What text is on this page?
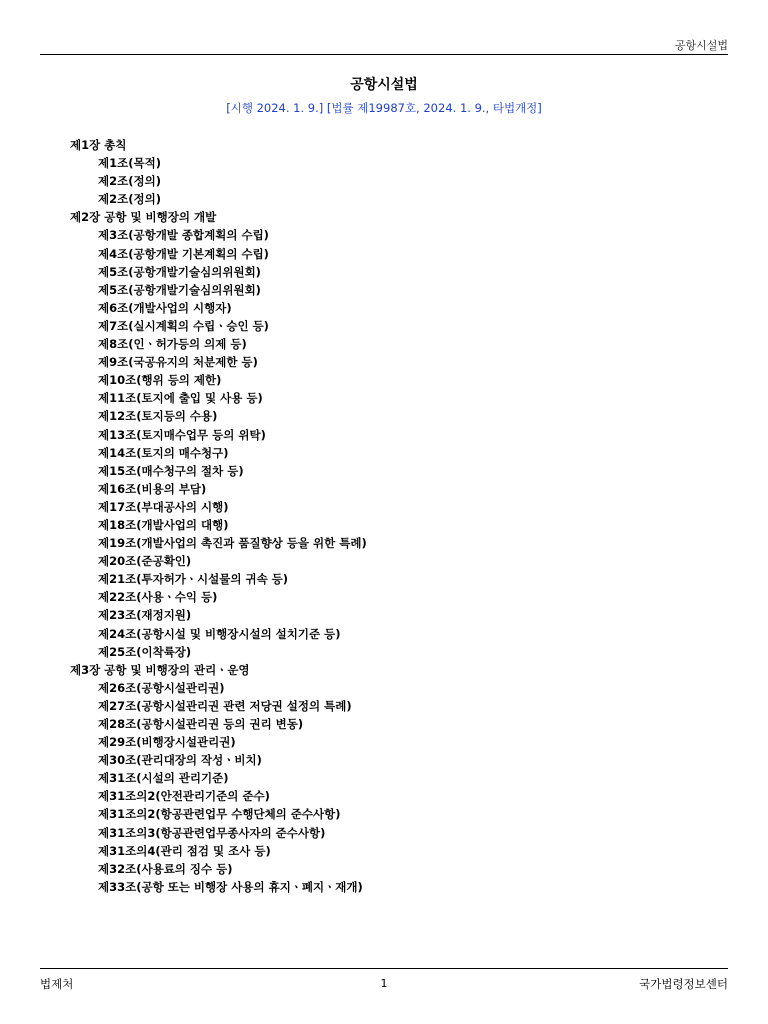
공항시설법
공항시설법
[시행 2024. 1. 9.] [법률 제19987호, 2024. 1. 9., 타법개정]
제1장 총칙
제1조(목적)
제2조(정의)
제2조(정의)
제2장 공항 및 비행장의 개발
제3조(공항개발 종합계획의 수립)
제4조(공항개발 기본계획의 수립)
제5조(공항개발기술심의위원회)
제5조(공항개발기술심의위원회)
제6조(개발사업의 시행자)
제7조(실시계획의 수립ㆍ승인 등)
제8조(인ㆍ허가등의 의제 등)
제9조(국공유지의 처분제한 등)
제10조(행위 등의 제한)
제11조(토지에 출입 및 사용 등)
제12조(토지등의 수용)
제13조(토지매수업무 등의 위탁)
제14조(토지의 매수청구)
제15조(매수청구의 절차 등)
제16조(비용의 부담)
제17조(부대공사의 시행)
제18조(개발사업의 대행)
제19조(개발사업의 촉진과 품질향상 등을 위한 특례)
제20조(준공확인)
제21조(투자허가ㆍ시설물의 귀속 등)
제22조(사용ㆍ수익 등)
제23조(재정지원)
제24조(공항시설 및 비행장시설의 설치기준 등)
제25조(이착륙장)
제3장 공항 및 비행장의 관리ㆍ운영
제26조(공항시설관리권)
제27조(공항시설관리권 관련 저당권 설정의 특례)
제28조(공항시설관리권 등의 권리 변동)
제29조(비행장시설관리권)
제30조(관리대장의 작성ㆍ비치)
제31조(시설의 관리기준)
제31조의2(안전관리기준의 준수)
제31조의2(항공관련업무 수행단체의 준수사항)
제31조의3(항공관련업무종사자의 준수사항)
제31조의4(관리 점검 및 조사 등)
제32조(사용료의 징수 등)
제33조(공항 또는 비행장 사용의 휴지ㆍ폐지ㆍ재개)
법제처	1	국가법령정보센터
